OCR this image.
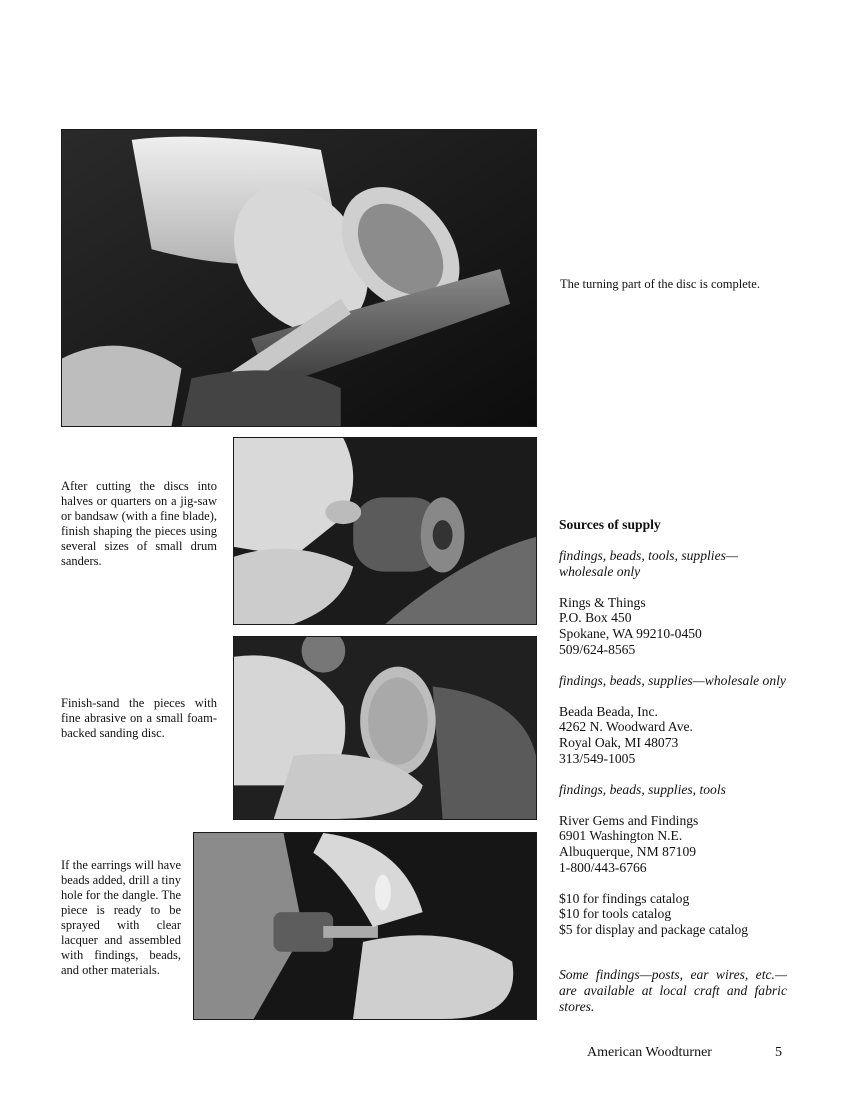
The turning part of the disc is complete.
After cutting the discs into halves or quarters on a jig-saw or bandsaw (with a fine blade), finish shaping the pieces using several sizes of small drum sanders.
Finish-sand the pieces with fine abrasive on a small foam-backed sanding disc.
If the earrings will have beads added, drill a tiny hole for the dangle. The piece is ready to be sprayed with clear lacquer and assembled with findings, beads, and other materials.

Sources of supply

findings, beads, tools, supplies—wholesale only

Rings & Things
P.O. Box 450
Spokane, WA 99210-0450
509/624-8565

findings, beads, supplies—wholesale only

Beada Beada, Inc.
4262 N. Woodward Ave.
Royal Oak, MI 48073
313/549-1005

findings, beads, supplies, tools

River Gems and Findings
6901 Washington N.E.
Albuquerque, NM 87109
1-800/443-6766

$10 for findings catalog
$10 for tools catalog
$5 for display and package catalog

Some findings—posts, ear wires, etc.—are available at local craft and fabric stores.

American Woodturner	5
